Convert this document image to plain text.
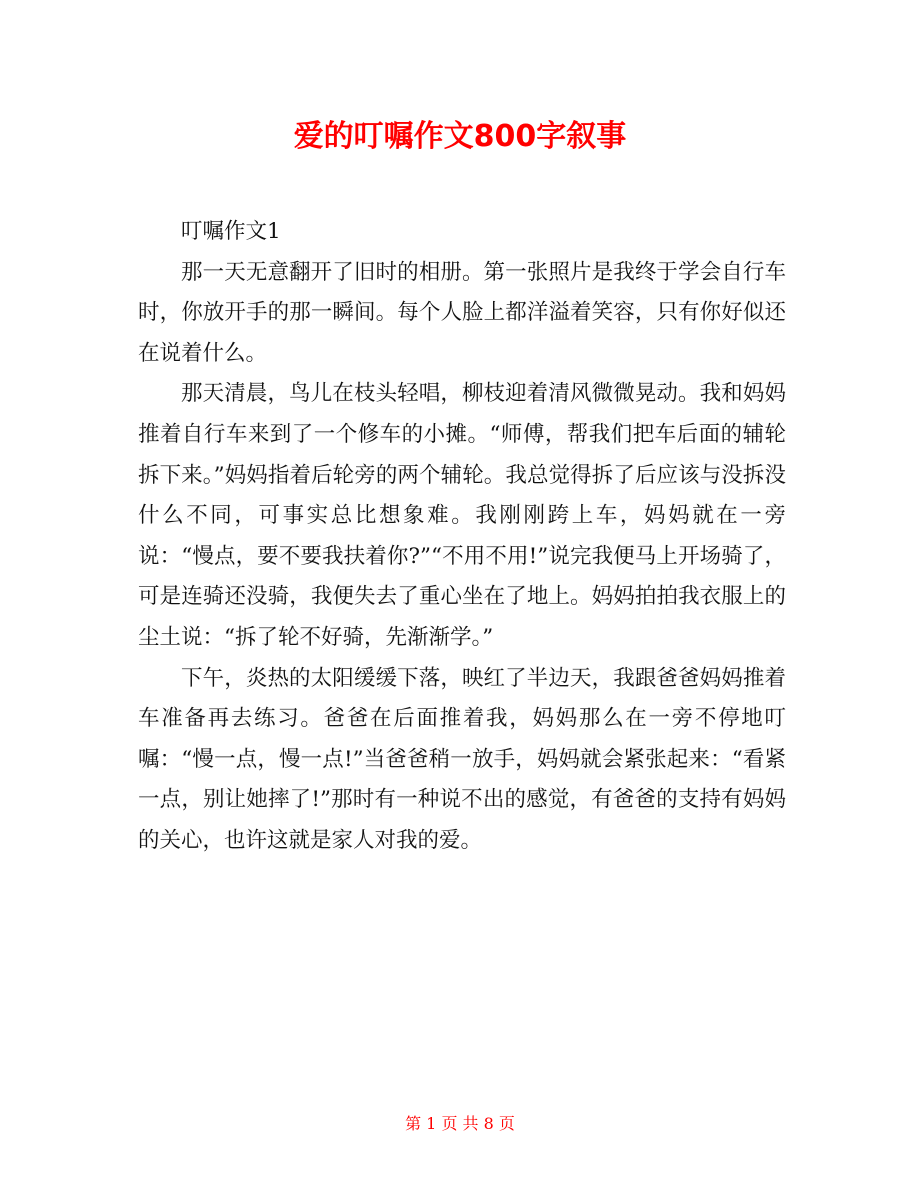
爱的叮嘱作文800字叙事

叮嘱作文1

那一天无意翻开了旧时的相册。第一张照片是我终于学会自行车时，你放开手的那一瞬间。每个人脸上都洋溢着笑容，只有你好似还在说着什么。

那天清晨，鸟儿在枝头轻唱，柳枝迎着清风微微晃动。我和妈妈推着自行车来到了一个修车的小摊。“师傅，帮我们把车后面的辅轮拆下来。”妈妈指着后轮旁的两个辅轮。我总觉得拆了后应该与没拆没什么不同，可事实总比想象难。我刚刚跨上车，妈妈就在一旁说：“慢点，要不要我扶着你?”“不用不用!”说完我便马上开场骑了，可是连骑还没骑，我便失去了重心坐在了地上。妈妈拍拍我衣服上的尘土说：“拆了轮不好骑，先渐渐学。”

下午，炎热的太阳缓缓下落，映红了半边天，我跟爸爸妈妈推着车准备再去练习。爸爸在后面推着我，妈妈那么在一旁不停地叮嘱：“慢一点，慢一点!”当爸爸稍一放手，妈妈就会紧张起来：“看紧一点，别让她摔了!”那时有一种说不出的感觉，有爸爸的支持有妈妈的关心，也许这就是家人对我的爱。

第 1 页 共 8 页
